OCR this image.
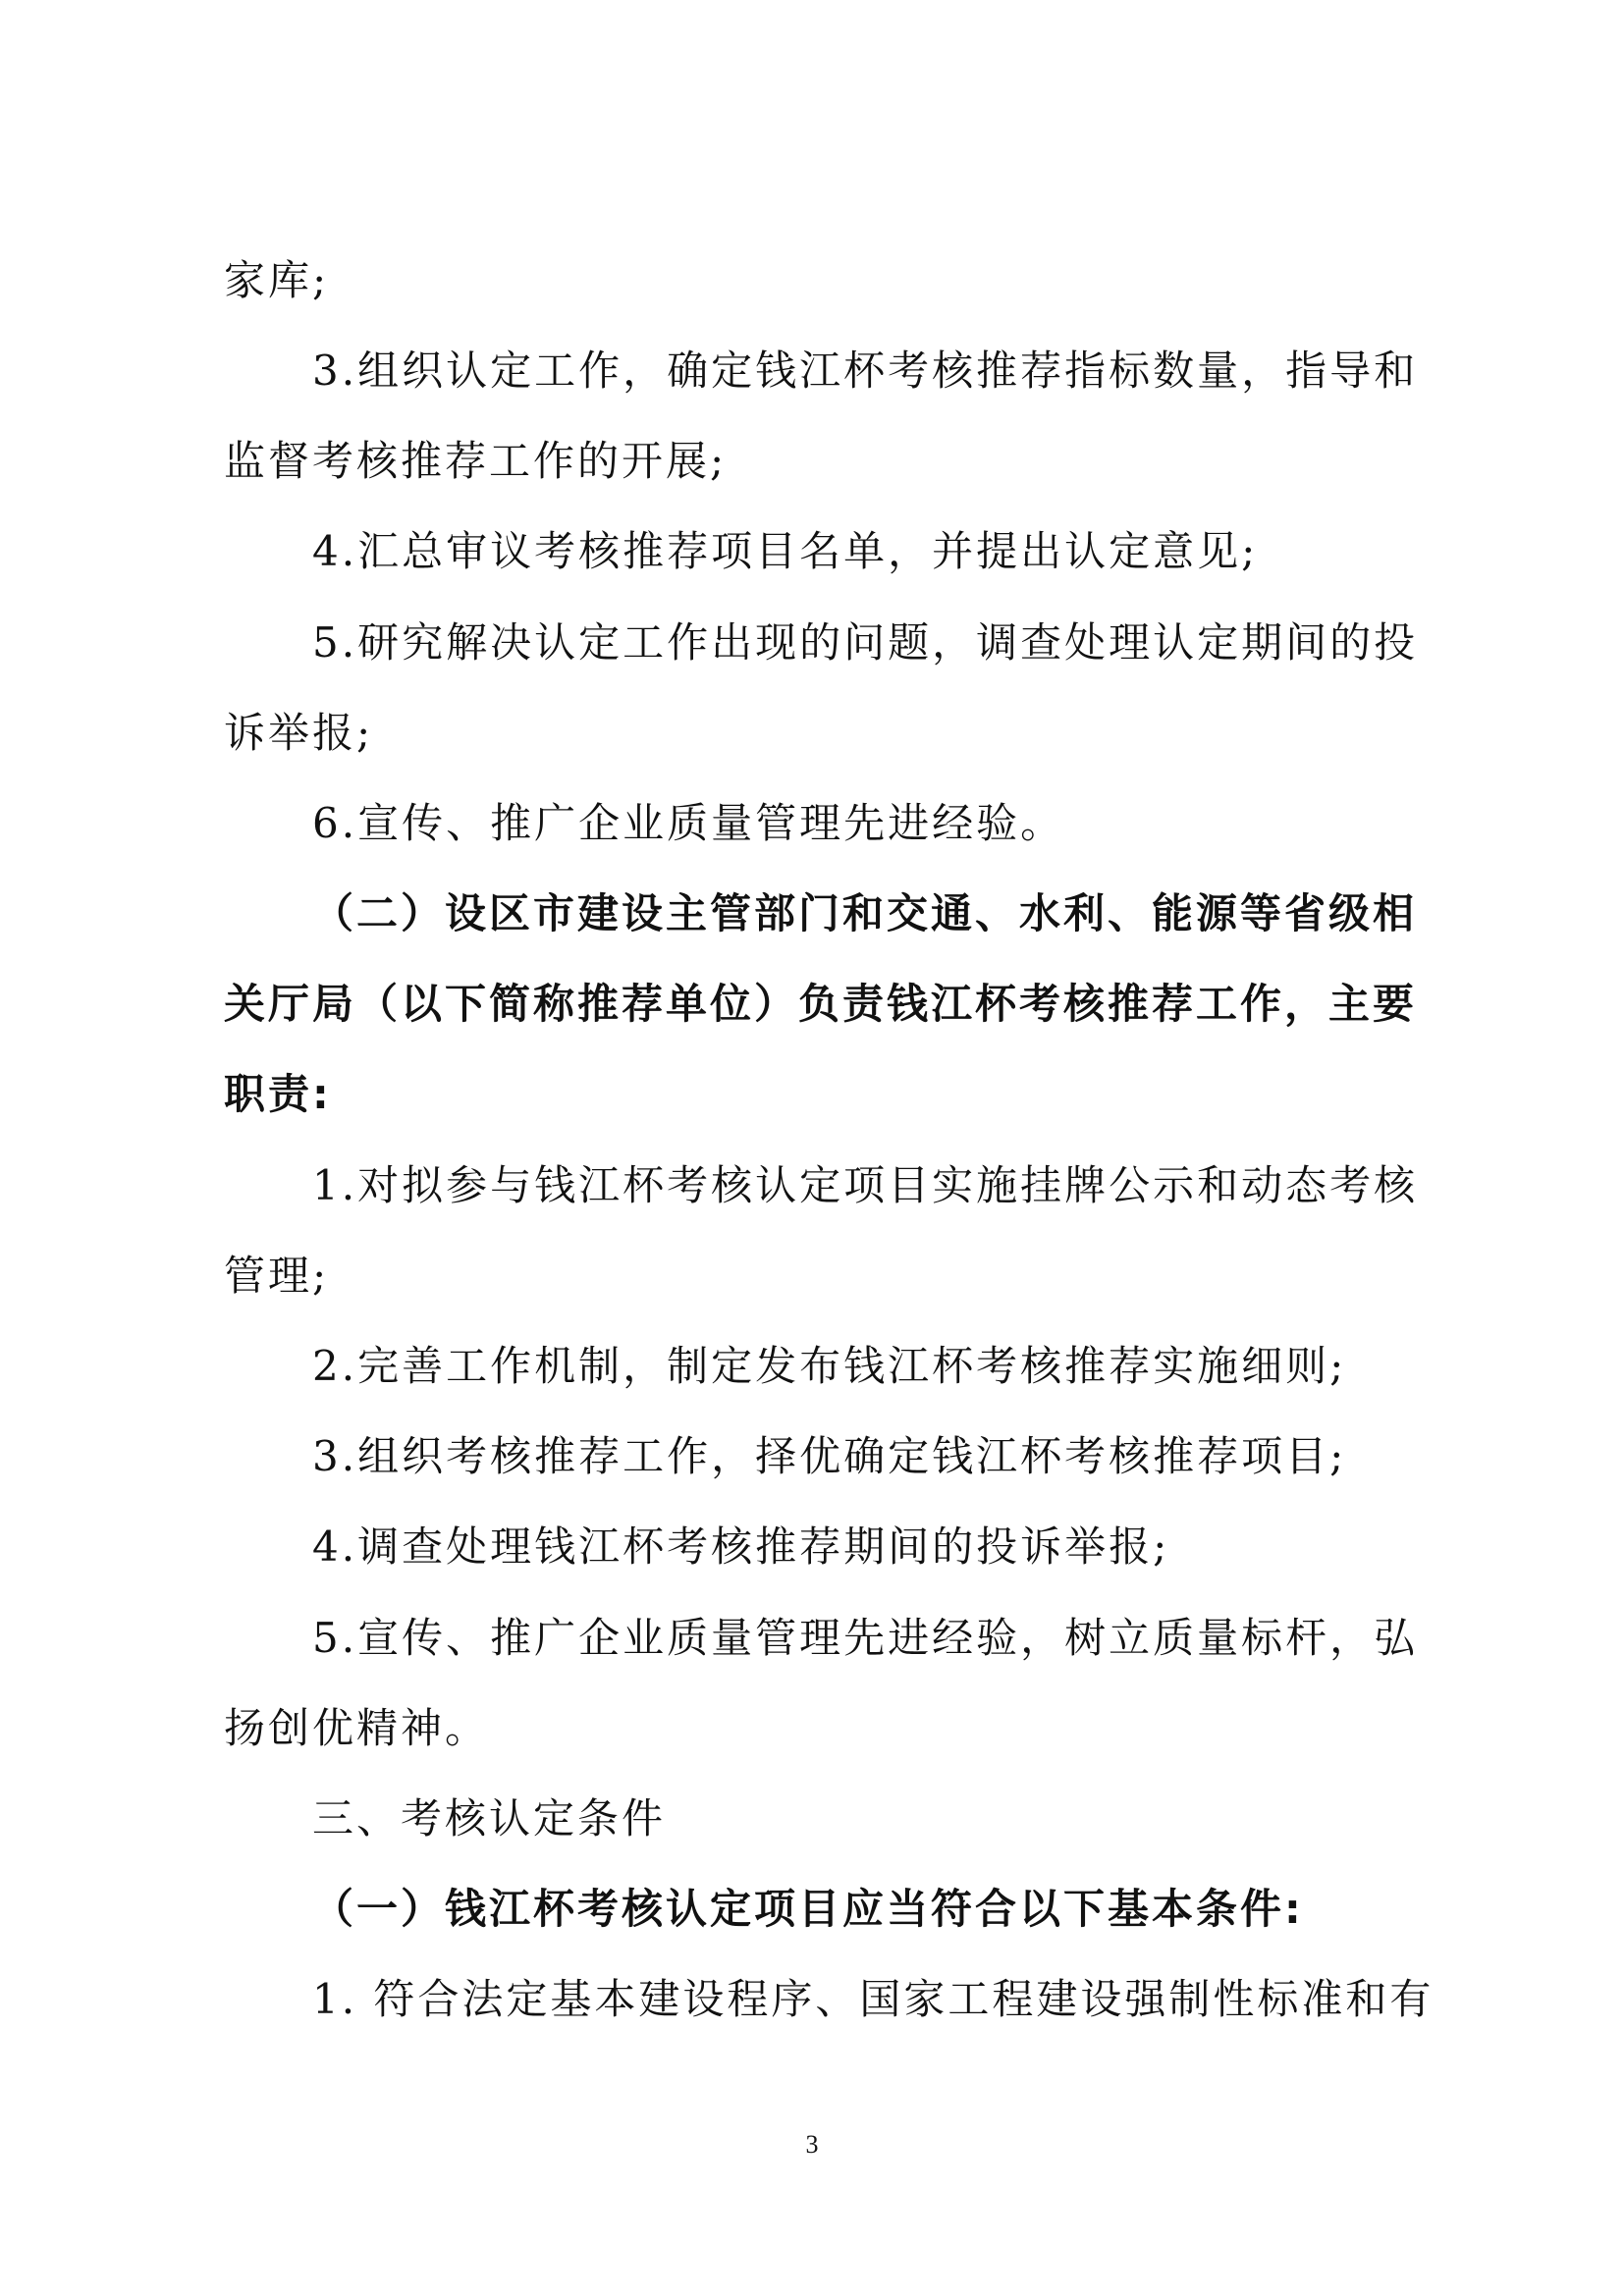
家库;
3.组织认定工作，确定钱江杯考核推荐指标数量，指导和
监督考核推荐工作的开展;
4.汇总审议考核推荐项目名单，并提出认定意见;
5.研究解决认定工作出现的问题，调查处理认定期间的投
诉举报;
6.宣传、推广企业质量管理先进经验。
（二）设区市建设主管部门和交通、水利、能源等省级相
关厅局（以下简称推荐单位）负责钱江杯考核推荐工作，主要
职责:
1.对拟参与钱江杯考核认定项目实施挂牌公示和动态考核
管理;
2.完善工作机制，制定发布钱江杯考核推荐实施细则;
3.组织考核推荐工作，择优确定钱江杯考核推荐项目;
4.调查处理钱江杯考核推荐期间的投诉举报;
5.宣传、推广企业质量管理先进经验，树立质量标杆，弘
扬创优精神。
三、考核认定条件
（一）钱江杯考核认定项目应当符合以下基本条件:
1. 符合法定基本建设程序、国家工程建设强制性标准和有
3
